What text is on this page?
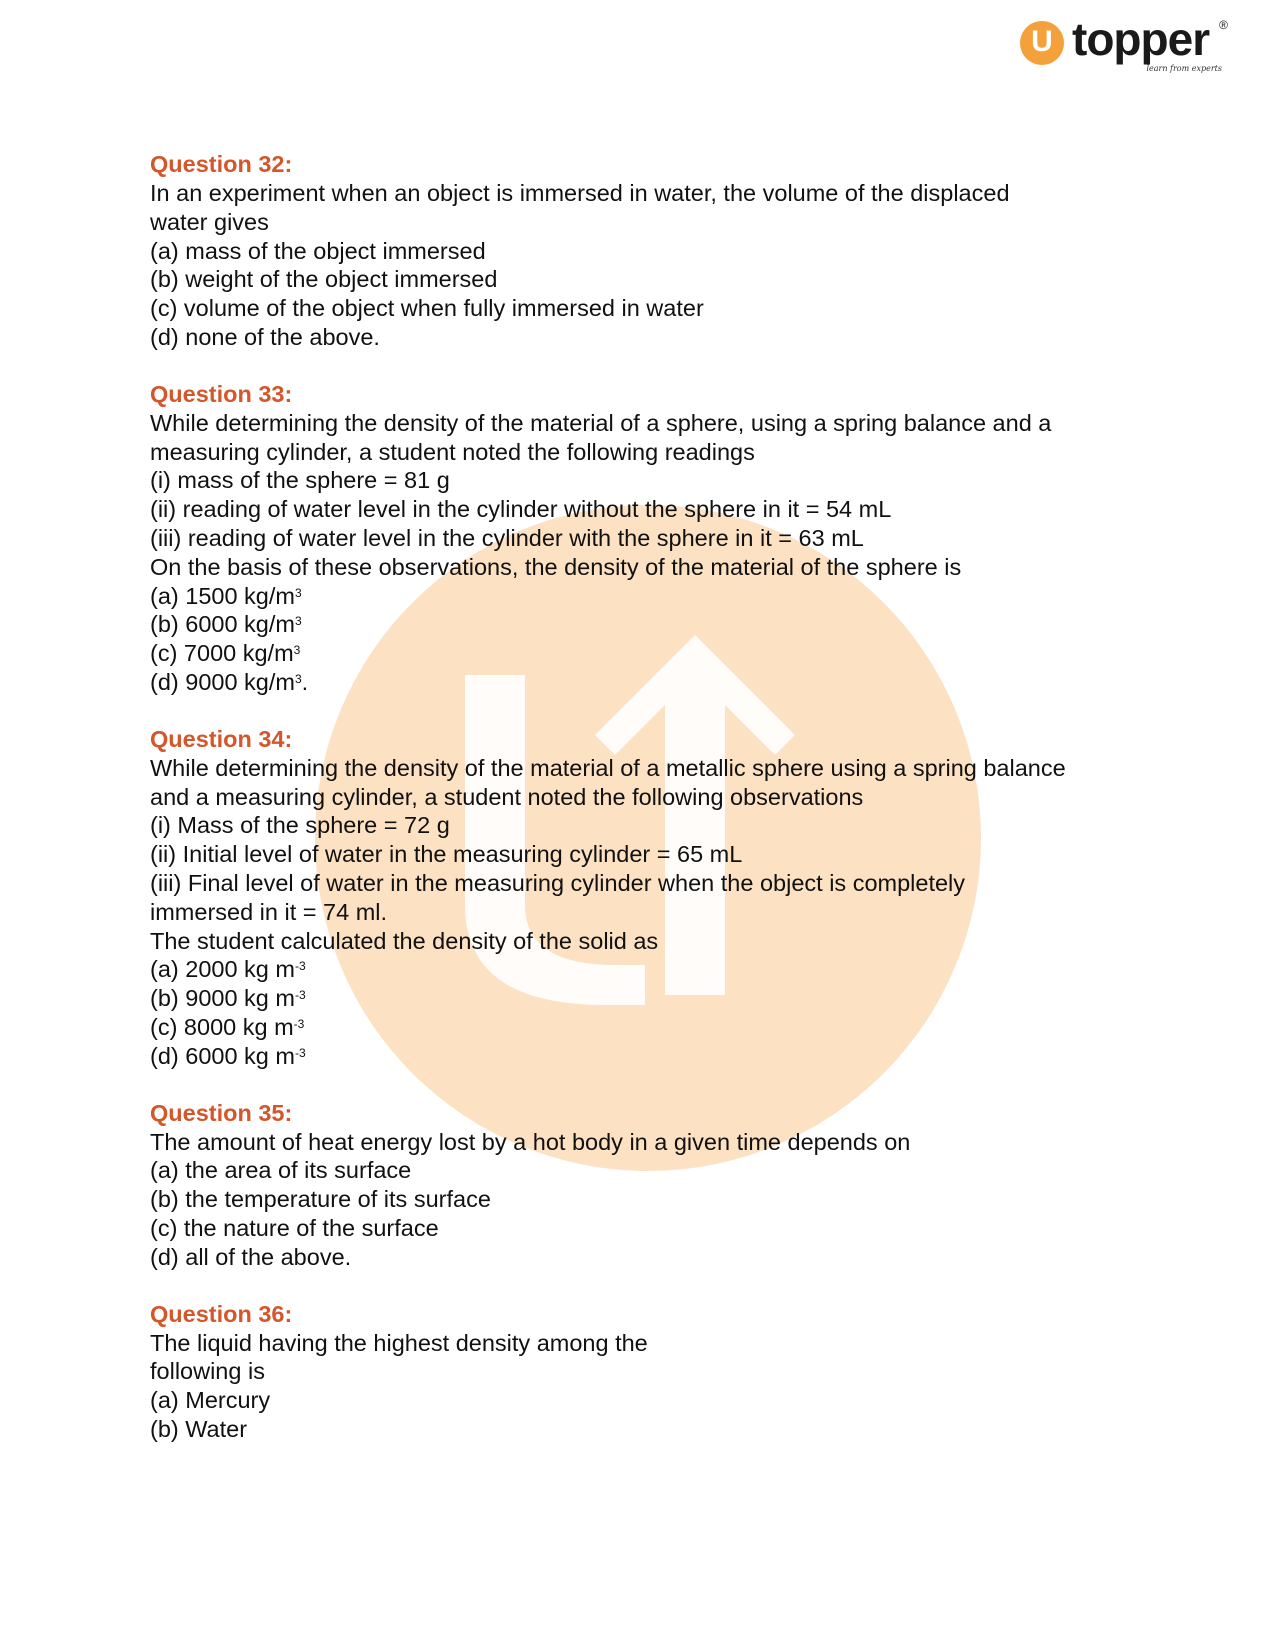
U topper ®
learn from experts
Question 32:
In an experiment when an object is immersed in water, the volume of the displaced
water gives
(a) mass of the object immersed
(b) weight of the object immersed
(c) volume of the object when fully immersed in water
(d) none of the above.
Question 33:
While determining the density of the material of a sphere, using a spring balance and a
measuring cylinder, a student noted the following readings
(i) mass of the sphere = 81 g
(ii) reading of water level in the cylinder without the sphere in it = 54 mL
(iii) reading of water level in the cylinder with the sphere in it = 63 mL
On the basis of these observations, the density of the material of the sphere is
(a) 1500 $kg/m^3$
(b) 6000 $kg/m^3$
(c) 7000 $kg/m^3$
(d) 9000 $kg/m^3$.
Question 34:
While determining the density of the material of a metallic sphere using a spring balance
and a measuring cylinder, a student noted the following observations
(i) Mass of the sphere = 72 g
(ii) Initial level of water in the measuring cylinder = 65 mL
(iii) Final level of water in the measuring cylinder when the object is completely
immersed in it = 74 ml.
The student calculated the density of the solid as
(a) 2000 kg $m^{-3}$
(b) 9000 kg $m^{-3}$
(c) 8000 kg $m^{-3}$
(d) 6000 kg $m^{-3}$
Question 35:
The amount of heat energy lost by a hot body in a given time depends on
(a) the area of its surface
(b) the temperature of its surface
(c) the nature of the surface
(d) all of the above.
Question 36:
The liquid having the highest density among the
following is
(a) Mercury
(b) Water
